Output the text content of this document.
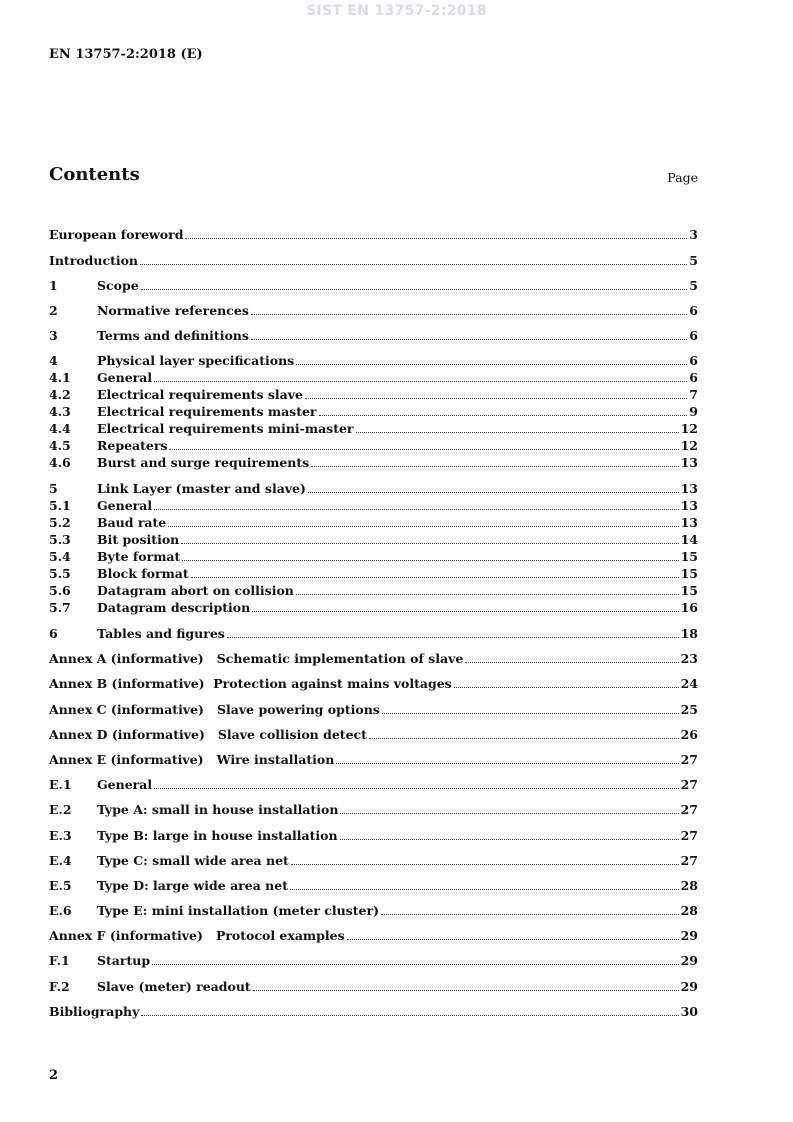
SIST EN 13757-2:2018
EN 13757-2:2018 (E)
Contents	Page
European foreword	3
Introduction	5
1	Scope	5
2	Normative references	6
3	Terms and definitions	6
4	Physical layer specifications	6
4.1	General	6
4.2	Electrical requirements slave	7
4.3	Electrical requirements master	9
4.4	Electrical requirements mini-master	12
4.5	Repeaters	12
4.6	Burst and surge requirements	13
5	Link Layer (master and slave)	13
5.1	General	13
5.2	Baud rate	13
5.3	Bit position	14
5.4	Byte format	15
5.5	Block format	15
5.6	Datagram abort on collision	15
5.7	Datagram description	16
6	Tables and figures	18
Annex A (informative)   Schematic implementation of slave	23
Annex B (informative)  Protection against mains voltages	24
Annex C (informative)   Slave powering options	25
Annex D (informative)   Slave collision detect	26
Annex E (informative)   Wire installation	27
E.1	General	27
E.2	Type A: small in house installation	27
E.3	Type B: large in house installation	27
E.4	Type C: small wide area net	27
E.5	Type D: large wide area net	28
E.6	Type E: mini installation (meter cluster)	28
Annex F (informative)   Protocol examples	29
F.1	Startup	29
F.2	Slave (meter) readout	29
Bibliography	30
2
